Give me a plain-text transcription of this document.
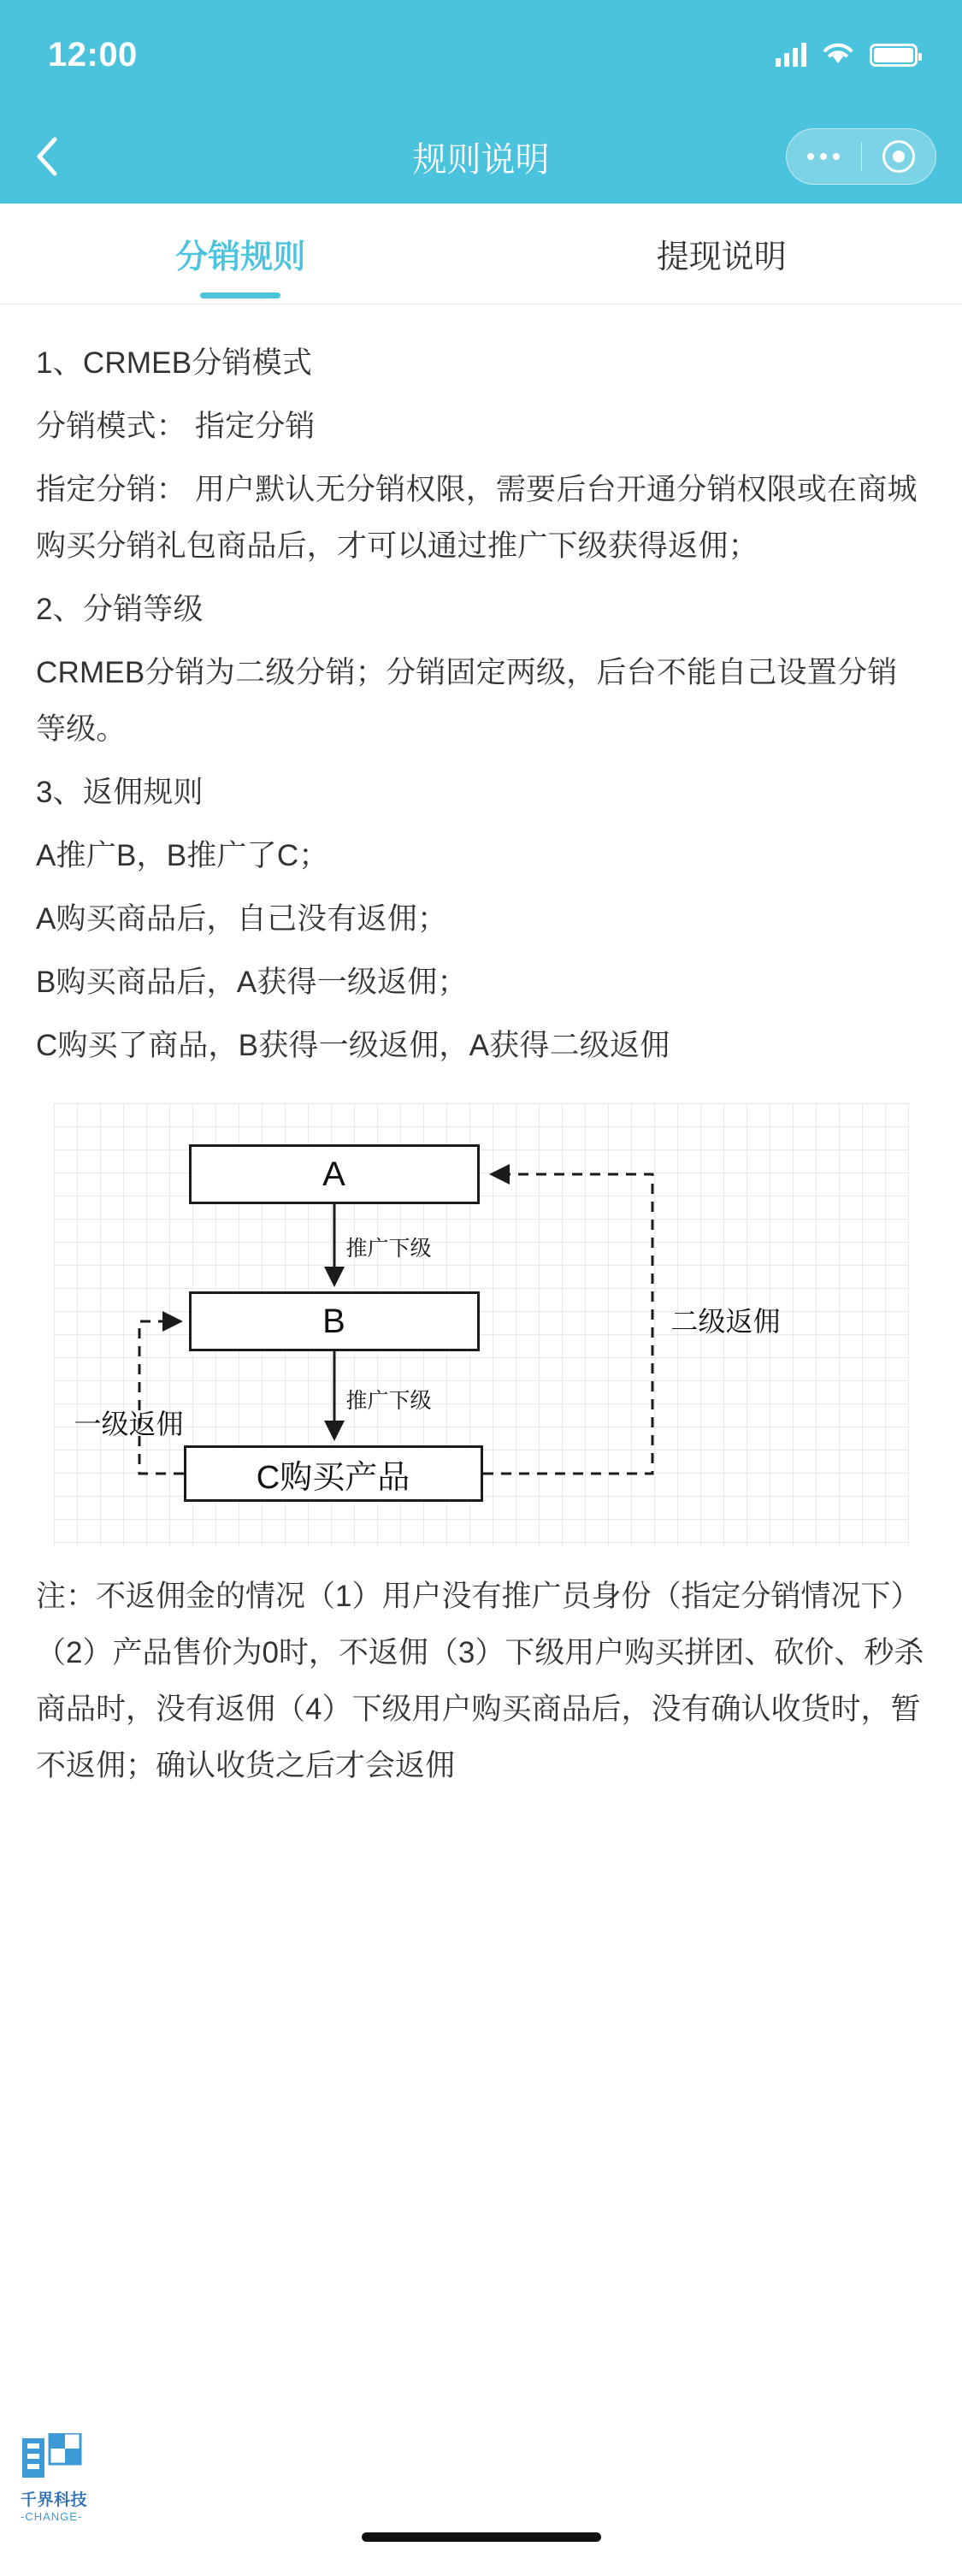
12:00
规则说明
分销规则	提现说明

1、CRMEB分销模式

分销模式： 指定分销

指定分销： 用户默认无分销权限，需要后台开通分销权限或在商城购买分销礼包商品后，才可以通过推广下级获得返佣；

2、分销等级

CRMEB分销为二级分销；分销固定两级，后台不能自己设置分销等级。

3、返佣规则

A推广B，B推广了C；

A购买商品后，自己没有返佣；

B购买商品后，A获得一级返佣；

C购买了商品，B获得一级返佣，A获得二级返佣

A
B
C购买产品
推广下级
推广下级
一级返佣
二级返佣
注：不返佣金的情况（1）用户没有推广员身份（指定分销情况下）（2）产品售价为0时，不返佣（3）下级用户购买拼团、砍价、秒杀商品时，没有返佣（4）下级用户购买商品后，没有确认收货时，暂不返佣；确认收货之后才会返佣
千界科技
-CHANGE-
